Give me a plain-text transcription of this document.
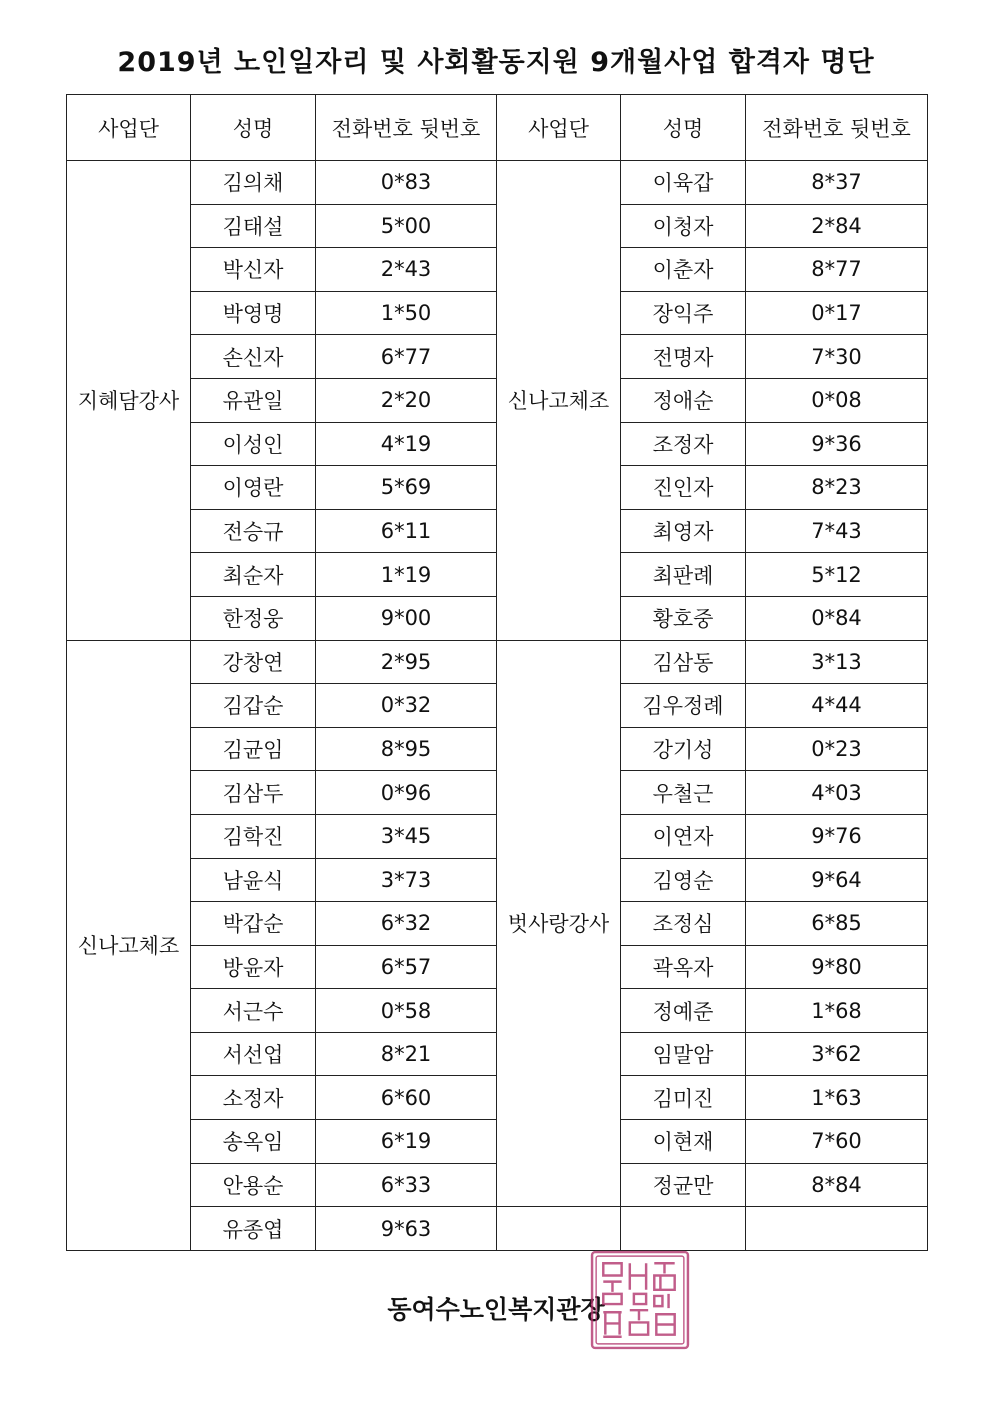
2019년 노인일자리 및 사회활동지원 9개월사업 합격자 명단
사업단	성명	전화번호 뒷번호	사업단	성명	전화번호 뒷번호
지혜담강사	김의채	0*83	신나고체조	이육갑	8*37
	김태설	5*00		이청자	2*84
	박신자	2*43		이춘자	8*77
	박영명	1*50		장익주	0*17
	손신자	6*77		전명자	7*30
	유관일	2*20		정애순	0*08
	이성인	4*19		조정자	9*36
	이영란	5*69		진인자	8*23
	전승규	6*11		최영자	7*43
	최순자	1*19		최판례	5*12
	한정웅	9*00		황호중	0*84
신나고체조	강창연	2*95	벗사랑강사	김삼동	3*13
	김갑순	0*32		김우정례	4*44
	김균임	8*95		강기성	0*23
	김삼두	0*96		우철근	4*03
	김학진	3*45		이연자	9*76
	남윤식	3*73		김영순	9*64
	박갑순	6*32		조정심	6*85
	방윤자	6*57		곽옥자	9*80
	서근수	0*58		정예준	1*68
	서선업	8*21		임말암	3*62
	소정자	6*60		김미진	1*63
	송옥임	6*19		이현재	7*60
	안용순	6*33		정균만	8*84
	유종엽	9*63			
동여수노인복지관장
